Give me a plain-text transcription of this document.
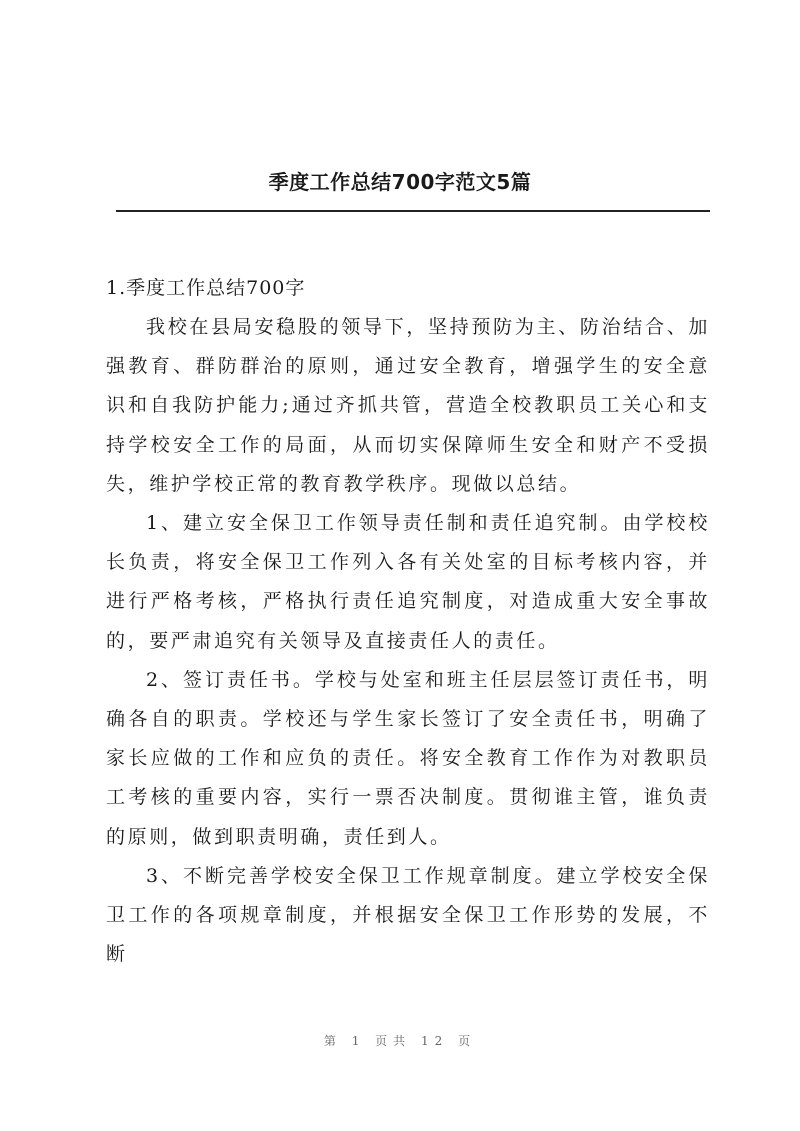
季度工作总结700字范文5篇

1.季度工作总结700字

我校在县局安稳股的领导下，坚持预防为主、防治结合、加强教育、群防群治的原则，通过安全教育，增强学生的安全意识和自我防护能力;通过齐抓共管，营造全校教职员工关心和支持学校安全工作的局面，从而切实保障师生安全和财产不受损失，维护学校正常的教育教学秩序。现做以总结。

1、建立安全保卫工作领导责任制和责任追究制。由学校校长负责，将安全保卫工作列入各有关处室的目标考核内容，并进行严格考核，严格执行责任追究制度，对造成重大安全事故的，要严肃追究有关领导及直接责任人的责任。

2、签订责任书。学校与处室和班主任层层签订责任书，明确各自的职责。学校还与学生家长签订了安全责任书，明确了家长应做的工作和应负的责任。将安全教育工作作为对教职员工考核的重要内容，实行一票否决制度。贯彻谁主管，谁负责的原则，做到职责明确，责任到人。

3、不断完善学校安全保卫工作规章制度。建立学校安全保卫工作的各项规章制度，并根据安全保卫工作形势的发展，不断

第 1 页共 12 页
